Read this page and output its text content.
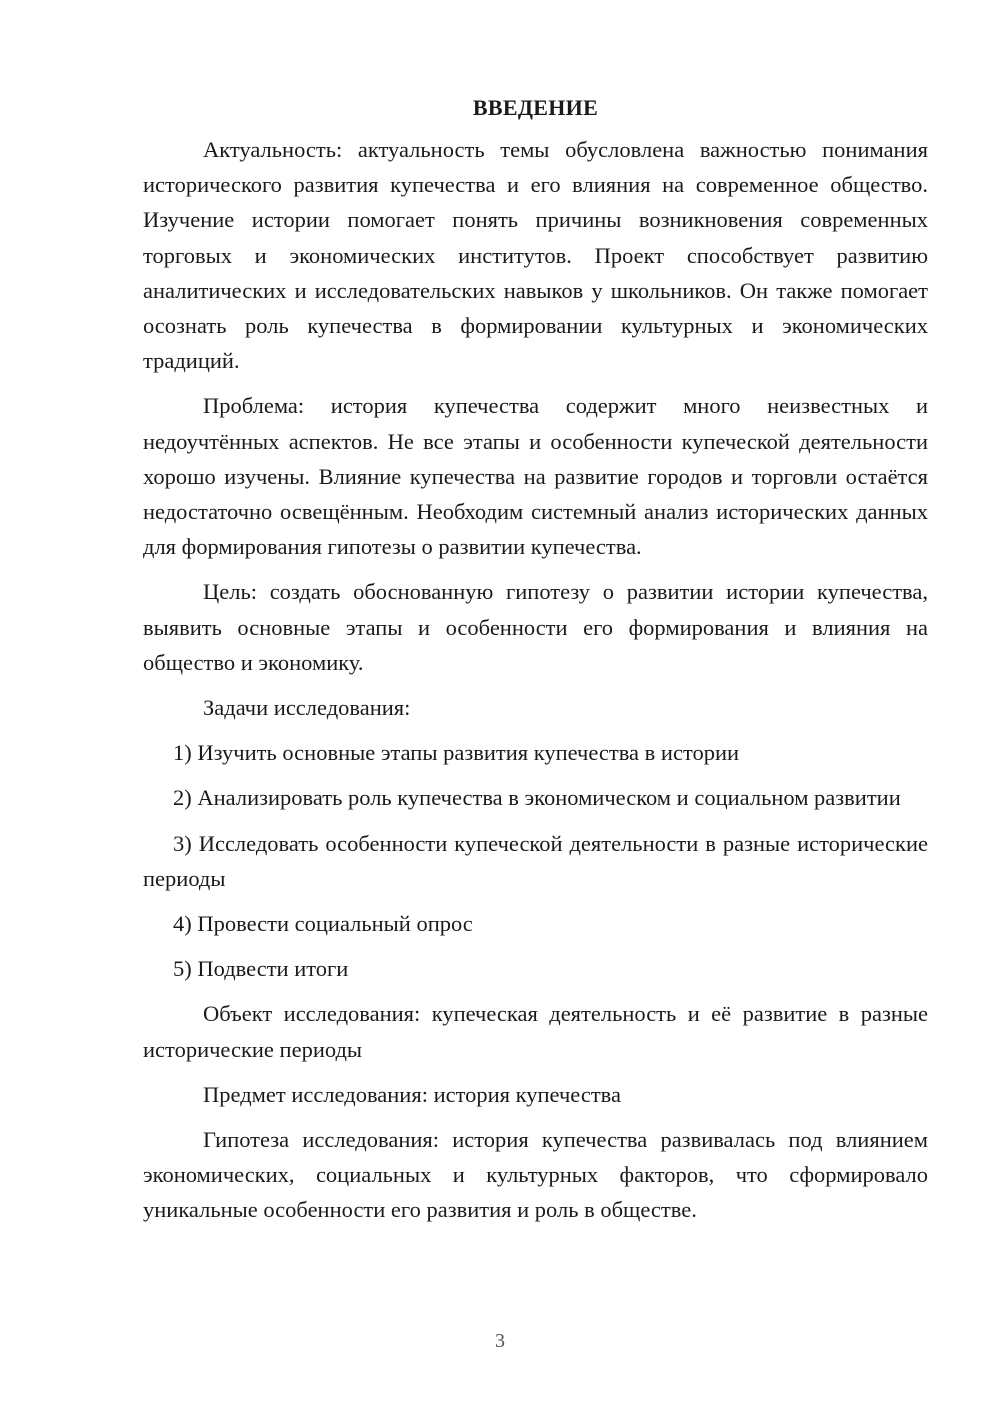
ВВЕДЕНИЕ

Актуальность: актуальность темы обусловлена важностью понимания исторического развития купечества и его влияния на современное общество. Изучение истории помогает понять причины возникновения современных торговых и экономических институтов. Проект способствует развитию аналитических и исследовательских навыков у школьников. Он также помогает осознать роль купечества в формировании культурных и экономических традиций.

Проблема: история купечества содержит много неизвестных и недоучтённых аспектов. Не все этапы и особенности купеческой деятельности хорошо изучены. Влияние купечества на развитие городов и торговли остаётся недостаточно освещённым. Необходим системный анализ исторических данных для формирования гипотезы о развитии купечества.

Цель: создать обоснованную гипотезу о развитии истории купечества, выявить основные этапы и особенности его формирования и влияния на общество и экономику.

Задачи исследования:

1) Изучить основные этапы развития купечества в истории

2) Анализировать роль купечества в экономическом и социальном развитии

3) Исследовать особенности купеческой деятельности в разные исторические периоды

4) Провести социальный опрос

5) Подвести итоги

Объект исследования: купеческая деятельность и её развитие в разные исторические периоды

Предмет исследования: история купечества

Гипотеза исследования: история купечества развивалась под влиянием экономических, социальных и культурных факторов, что сформировало уникальные особенности его развития и роль в обществе.

3
